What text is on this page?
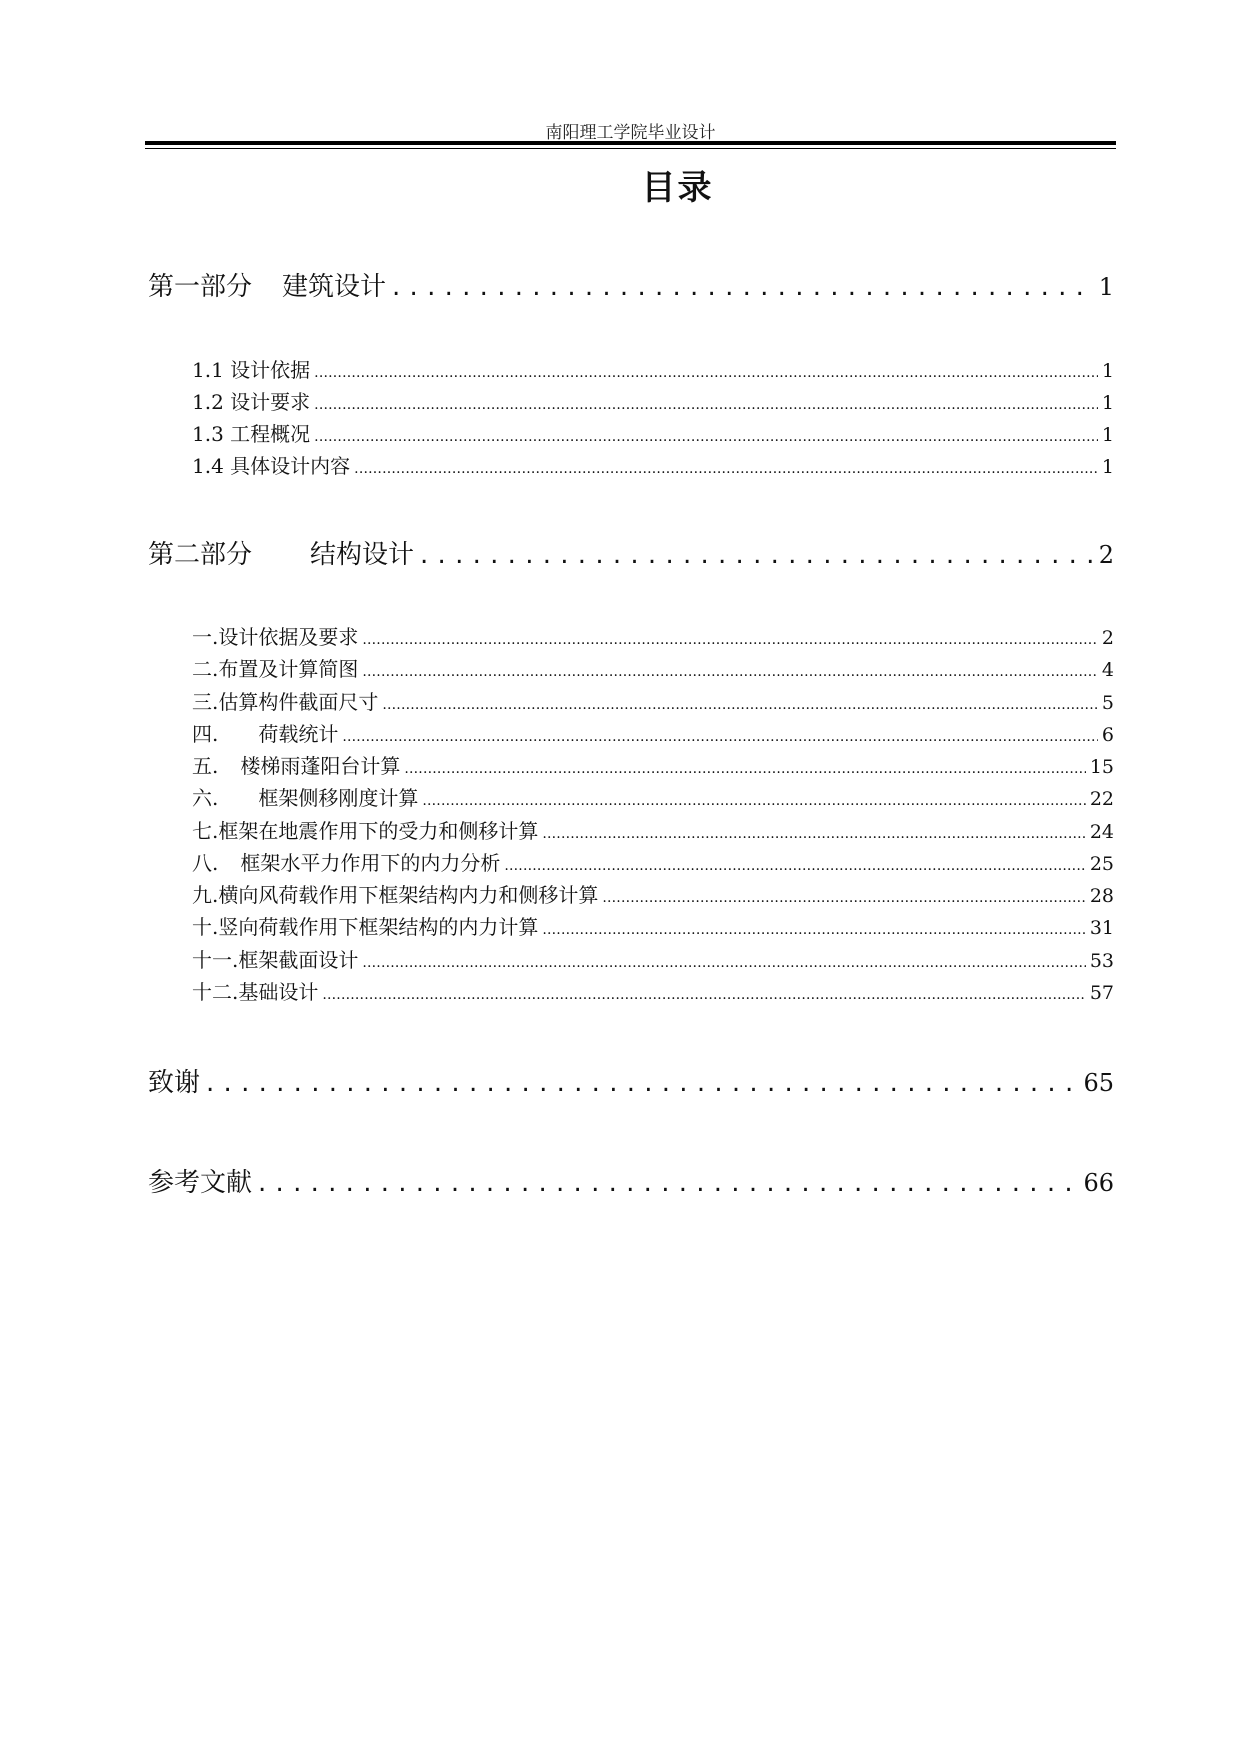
南阳理工学院毕业设计
目录
第一部分 建筑设计 . . .	1
1.1 设计依据 .....	1
1.2 设计要求 .....	1
1.3 工程概况 .....	1
1.4 具体设计内容 .....	1
第二部分 结构设计 . . .	2
一. 设计依据及要求 .....	2
二. 布置及计算简图 .....	4
三. 估算构件截面尺寸 .....	5
四. 荷载统计 .....	6
五. 楼梯雨蓬阳台计算 .....	15
六. 框架侧移刚度计算 .....	22
七. 框架在地震作用下的受力和侧移计算 .....	24
八. 框架水平力作用下的内力分析 .....	25
九. 横向风荷载作用下框架结构内力和侧移计算 .....	28
十. 竖向荷载作用下框架结构的内力计算 .....	31
十一. 框架截面设计 .....	53
十二. 基础设计 .....	57
致谢 . . .	65
参考文献 . . .	66
